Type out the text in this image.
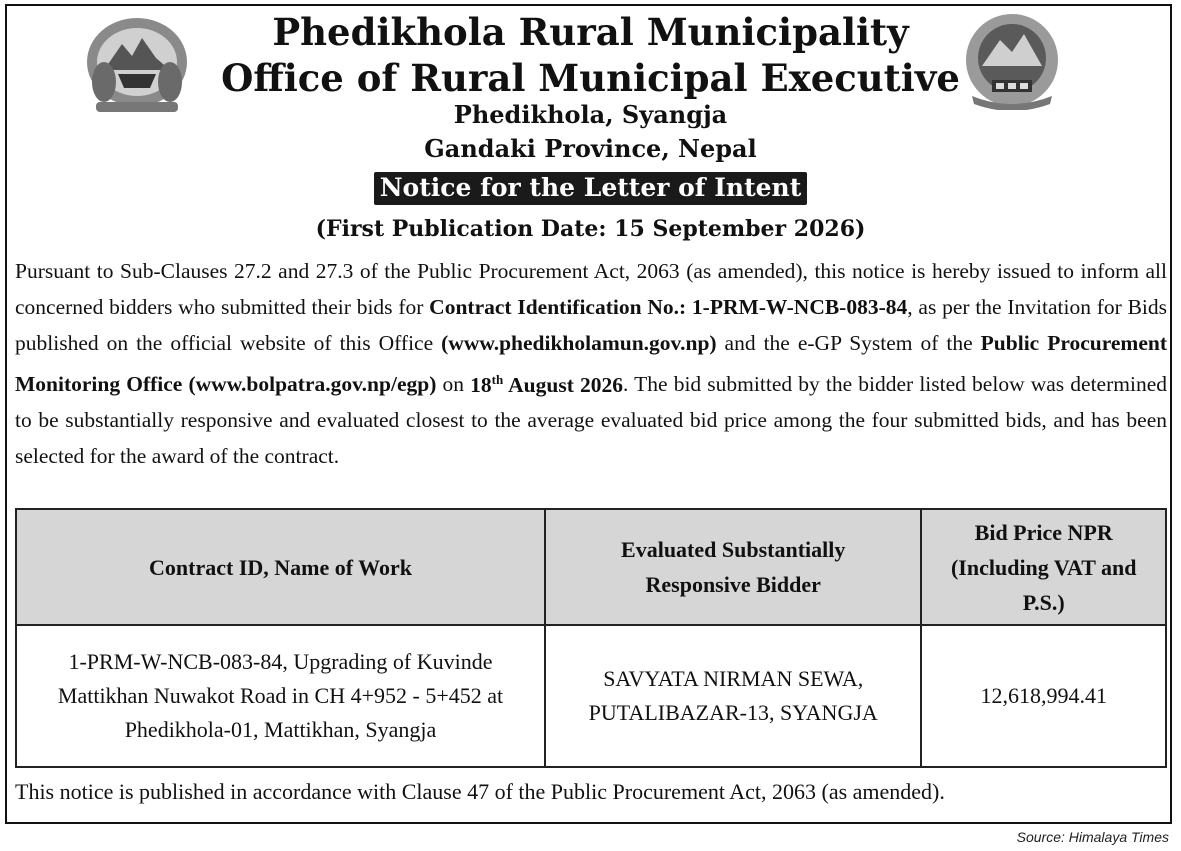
Phedikhola Rural Municipality
Office of Rural Municipal Executive
Phedikhola, Syangja
Gandaki Province, Nepal
Notice for the Letter of Intent
(First Publication Date: 15 September 2026)
Pursuant to Sub-Clauses 27.2 and 27.3 of the Public Procurement Act, 2063 (as amended), this notice is hereby issued to inform all concerned bidders who submitted their bids for Contract Identification No.: 1-PRM-W-NCB-083-84, as per the Invitation for Bids published on the official website of this Office (www.phedikholamun.gov.np) and the e-GP System of the Public Procurement Monitoring Office (www.bolpatra.gov.np/egp) on 18th August 2026. The bid submitted by the bidder listed below was determined to be substantially responsive and evaluated closest to the average evaluated bid price among the four submitted bids, and has been selected for the award of the contract.
Contract ID, Name of Work	Evaluated Substantially Responsive Bidder	Bid Price NPR (Including VAT and P.S.)
1-PRM-W-NCB-083-84, Upgrading of Kuvinde Mattikhan Nuwakot Road in CH 4+952 - 5+452 at Phedikhola-01, Mattikhan, Syangja	SAVYATA NIRMAN SEWA, PUTALIBAZAR-13, SYANGJA	12,618,994.41
This notice is published in accordance with Clause 47 of the Public Procurement Act, 2063 (as amended).
Source: Himalaya Times
